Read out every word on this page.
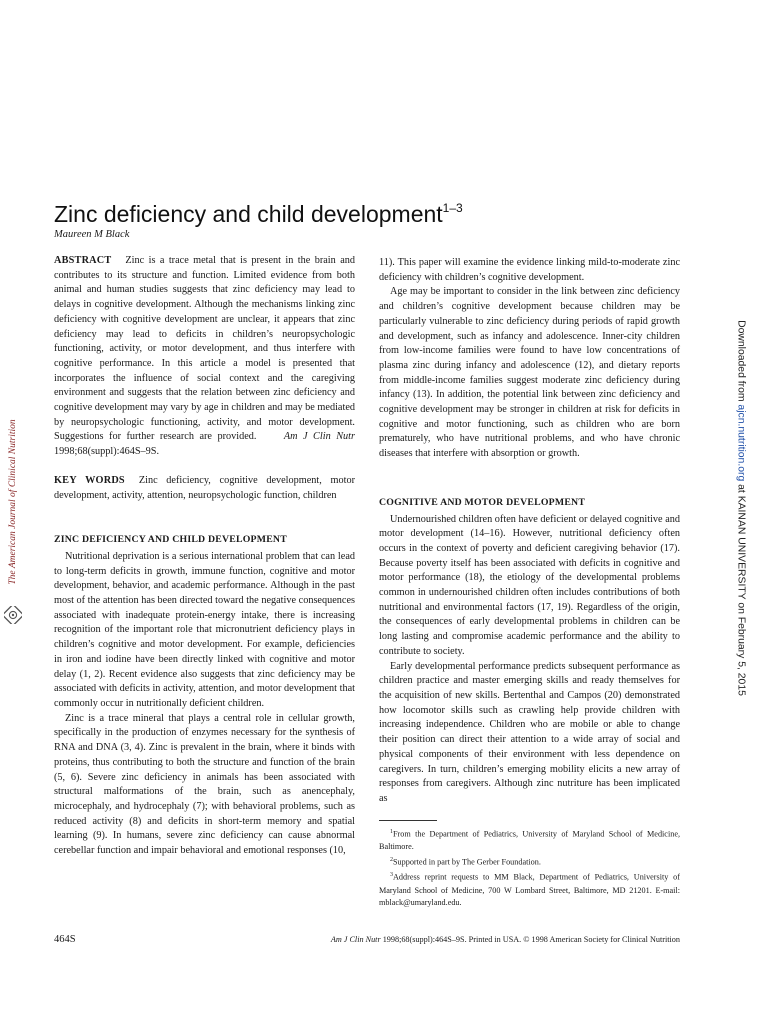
Zinc deficiency and child development$^{1-3}$
Maureen M Black

ABSTRACT Zinc is a trace metal that is present in the brain and contributes to its structure and function. Limited evidence from both animal and human studies suggests that zinc deficiency may lead to delays in cognitive development. Although the mechanisms linking zinc deficiency with cognitive development are unclear, it appears that zinc deficiency may lead to deficits in children’s neuropsychologic functioning, activity, or motor development, and thus interfere with cognitive performance. In this article a model is presented that incorporates the influence of social context and the caregiving environment and suggests that the relation between zinc deficiency and cognitive development may vary by age in children and may be mediated by neuropsychologic functioning, activity, and motor development. Suggestions for further research are provided.	Am J Clin Nutr 1998;68(suppl):464S–9S.

KEY WORDS Zinc deficiency, cognitive development, motor development, activity, attention, neuropsychologic function, children

ZINC DEFICIENCY AND CHILD DEVELOPMENT

Nutritional deprivation is a serious international problem that can lead to long-term deficits in growth, immune function, cognitive and motor development, behavior, and academic performance. Although in the past most of the attention has been directed toward the negative consequences associated with inadequate protein-energy intake, there is increasing recognition of the important role that micronutrient deficiency plays in children’s cognitive and motor development. For example, deficiencies in iron and iodine have been directly linked with cognitive and motor delay (1, 2). Recent evidence also suggests that zinc deficiency may be associated with deficits in activity, attention, and motor development that commonly occur in nutritionally deficient children.

Zinc is a trace mineral that plays a central role in cellular growth, specifically in the production of enzymes necessary for the synthesis of RNA and DNA (3, 4). Zinc is prevalent in the brain, where it binds with proteins, thus contributing to both the structure and function of the brain (5, 6). Severe zinc deficiency in animals has been associated with structural malformations of the brain, such as anencephaly, microcephaly, and hydrocephaly (7); with behavioral problems, such as reduced activity (8) and deficits in short-term memory and spatial learning (9). In humans, severe zinc deficiency can cause abnormal cerebellar function and impair behavioral and emotional responses (10,

11). This paper will examine the evidence linking mild-to-moderate zinc deficiency with children’s cognitive development.

Age may be important to consider in the link between zinc deficiency and children’s cognitive development because children may be particularly vulnerable to zinc deficiency during periods of rapid growth and development, such as infancy and adolescence. Inner-city children from low-income families were found to have low concentrations of plasma zinc during infancy and adolescence (12), and dietary reports from middle-income families suggest moderate zinc deficiency during infancy (13). In addition, the potential link between zinc deficiency and cognitive development may be stronger in children at risk for deficits in cognitive and motor functioning, such as children who are born prematurely, who have nutritional problems, and who have chronic diseases that interfere with absorption or growth.

COGNITIVE AND MOTOR DEVELOPMENT

Undernourished children often have deficient or delayed cognitive and motor development (14–16). However, nutritional deficiency often occurs in the context of poverty and deficient caregiving behavior (17). Because poverty itself has been associated with deficits in cognitive and motor performance (18), the etiology of the developmental problems common in undernourished children often includes contributions of both nutritional and environmental factors (17, 19). Regardless of the origin, the consequences of early developmental problems in children can be long lasting and compromise academic performance and the ability to contribute to society.

Early developmental performance predicts subsequent performance as children practice and master emerging skills and ready themselves for the acquisition of new skills. Bertenthal and Campos (20) demonstrated how locomotor skills such as crawling help provide children with increasing independence. Children who are mobile or able to change their position can direct their attention to a wide array of social and physical components of their environment with less dependence on caregivers. In turn, children’s emerging mobility elicits a new array of responses from caregivers. Although zinc nutriture has been implicated as

$^1$From the Department of Pediatrics, University of Maryland School of Medicine, Baltimore.

$^2$Supported in part by The Gerber Foundation.

$^3$Address reprint requests to MM Black, Department of Pediatrics, University of Maryland School of Medicine, 700 W Lombard Street, Baltimore, MD 21201. E-mail: mblack@umaryland.edu.

464S	Am J Clin Nutr 1998;68(suppl):464S–9S. Printed in USA. © 1998 American Society for Clinical Nutrition
The American Journal of Clinical Nutrition
Downloaded from ajcn.nutrition.org at KAINAN UNIVERSITY on February 5, 2015
